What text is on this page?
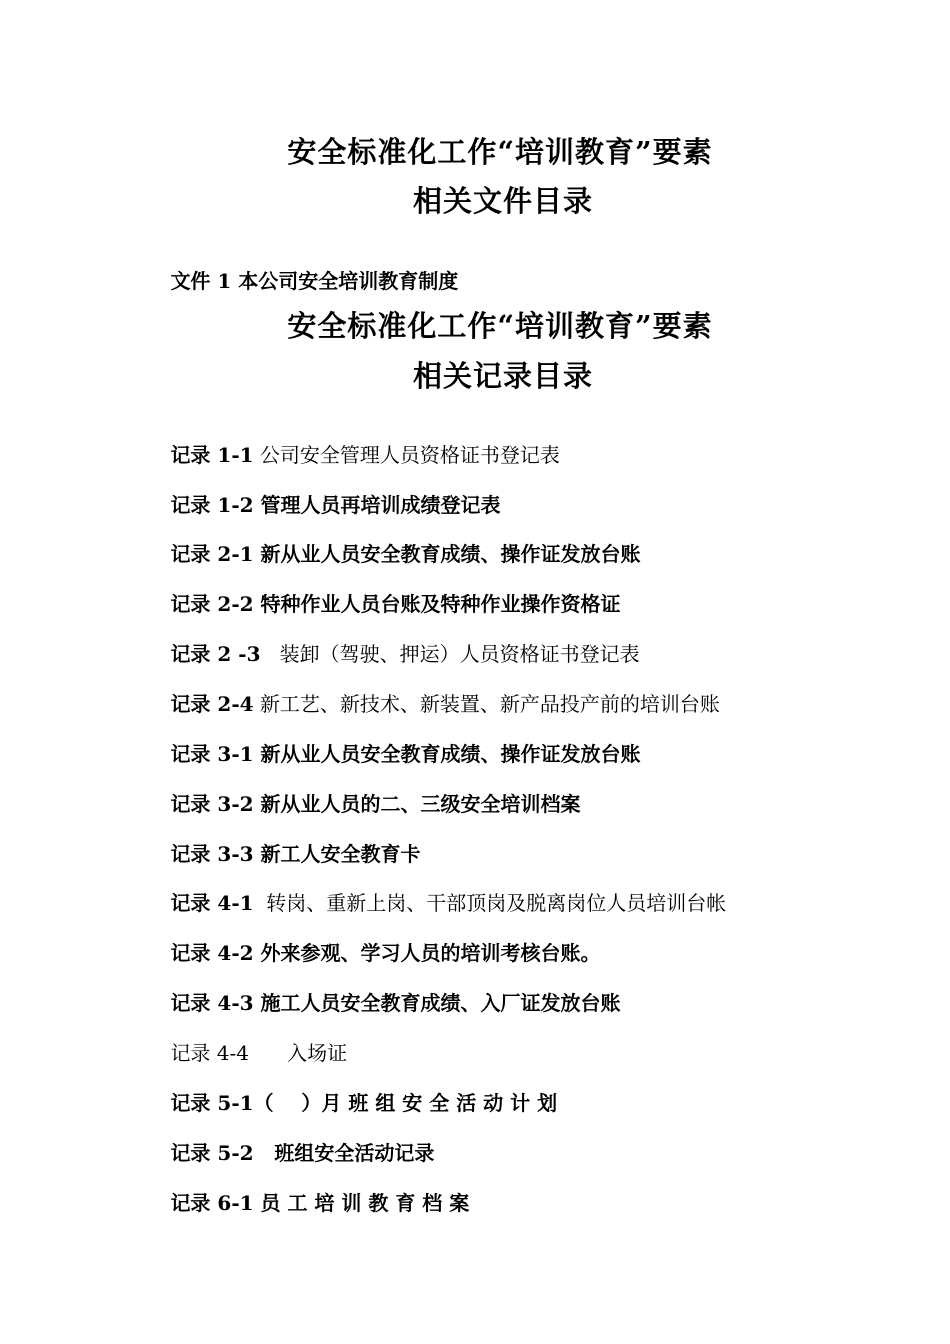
安全标准化工作“培训教育”要素
相关文件目录

文件 1 本公司安全培训教育制度

安全标准化工作“培训教育”要素
相关记录目录

记录 1-1 公司安全管理人员资格证书登记表

记录 1-2 管理人员再培训成绩登记表

记录 2-1 新从业人员安全教育成绩、操作证发放台账

记录 2-2 特种作业人员台账及特种作业操作资格证

记录 2 -3   装卸（驾驶、押运）人员资格证书登记表

记录 2-4 新工艺、新技术、新装置、新产品投产前的培训台账

记录 3-1 新从业人员安全教育成绩、操作证发放台账

记录 3-2 新从业人员的二、三级安全培训档案

记录 3-3 新工人安全教育卡

记录 4-1  转岗、重新上岗、干部顶岗及脱离岗位人员培训台帐

记录 4-2 外来参观、学习人员的培训考核台账。

记录 4-3 施工人员安全教育成绩、入厂证发放台账

记录 4-4      入场证

记录 5-1（    ）月 班 组 安 全 活 动 计 划

记录 5-2   班组安全活动记录

记录 6-1 员 工 培 训 教 育 档 案
